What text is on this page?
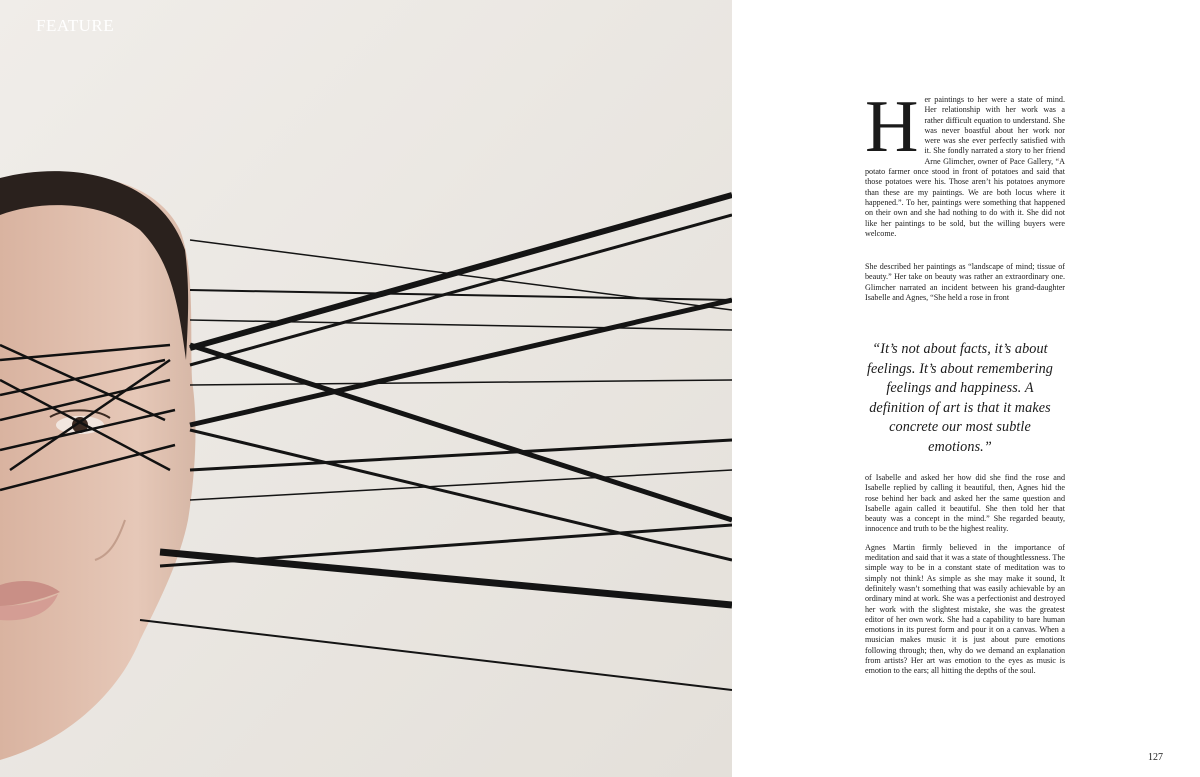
FEATURE
Her paintings to her were a state of mind. Her relationship with her work was a rather difficult equation to understand. She was never boastful about her work nor were was she ever perfectly satisfied with it. She fondly narrated a story to her friend Arne Glimcher, owner of Pace Gallery, “A potato farmer once stood in front of potatoes and said that those potatoes were his. Those aren’t his potatoes anymore than these are my paintings. We are both locus where it happened.”. To her, paintings were something that happened on their own and she had nothing to do with it. She did not like her paintings to be sold, but the willing buyers were welcome.
She described her paintings as “landscape of mind; tissue of beauty.” Her take on beauty was rather an extraordinary one. Glimcher narrated an incident between his grand-daughter Isabelle and Agnes, “She held a rose in front
“It’s not about facts, it’s about feelings. It’s about remembering feelings and happiness. A definition of art is that it makes concrete our most subtle emotions.”

of Isabelle and asked her how did she find the rose and Isabelle replied by calling it beautiful, then, Agnes hid the rose behind her back and asked her the same question and Isabelle again called it beautiful. She then told her that beauty was a concept in the mind.” She regarded beauty, innocence and truth to be the highest reality.

Agnes Martin firmly believed in the importance of meditation and said that it was a state of thoughtlessness. The simple way to be in a constant state of meditation was to simply not think! As simple as she may make it sound, It definitely wasn’t something that was easily achievable by an ordinary mind at work. She was a perfectionist and destroyed her work with the slightest mistake, she was the greatest editor of her own work. She had a capability to bare human emotions in its purest form and pour it on a canvas. When a musician makes music it is just about pure emotions following through; then, why do we demand an explanation from artists? Her art was emotion to the eyes as music is emotion to the ears; all hitting the depths of the soul.

127
